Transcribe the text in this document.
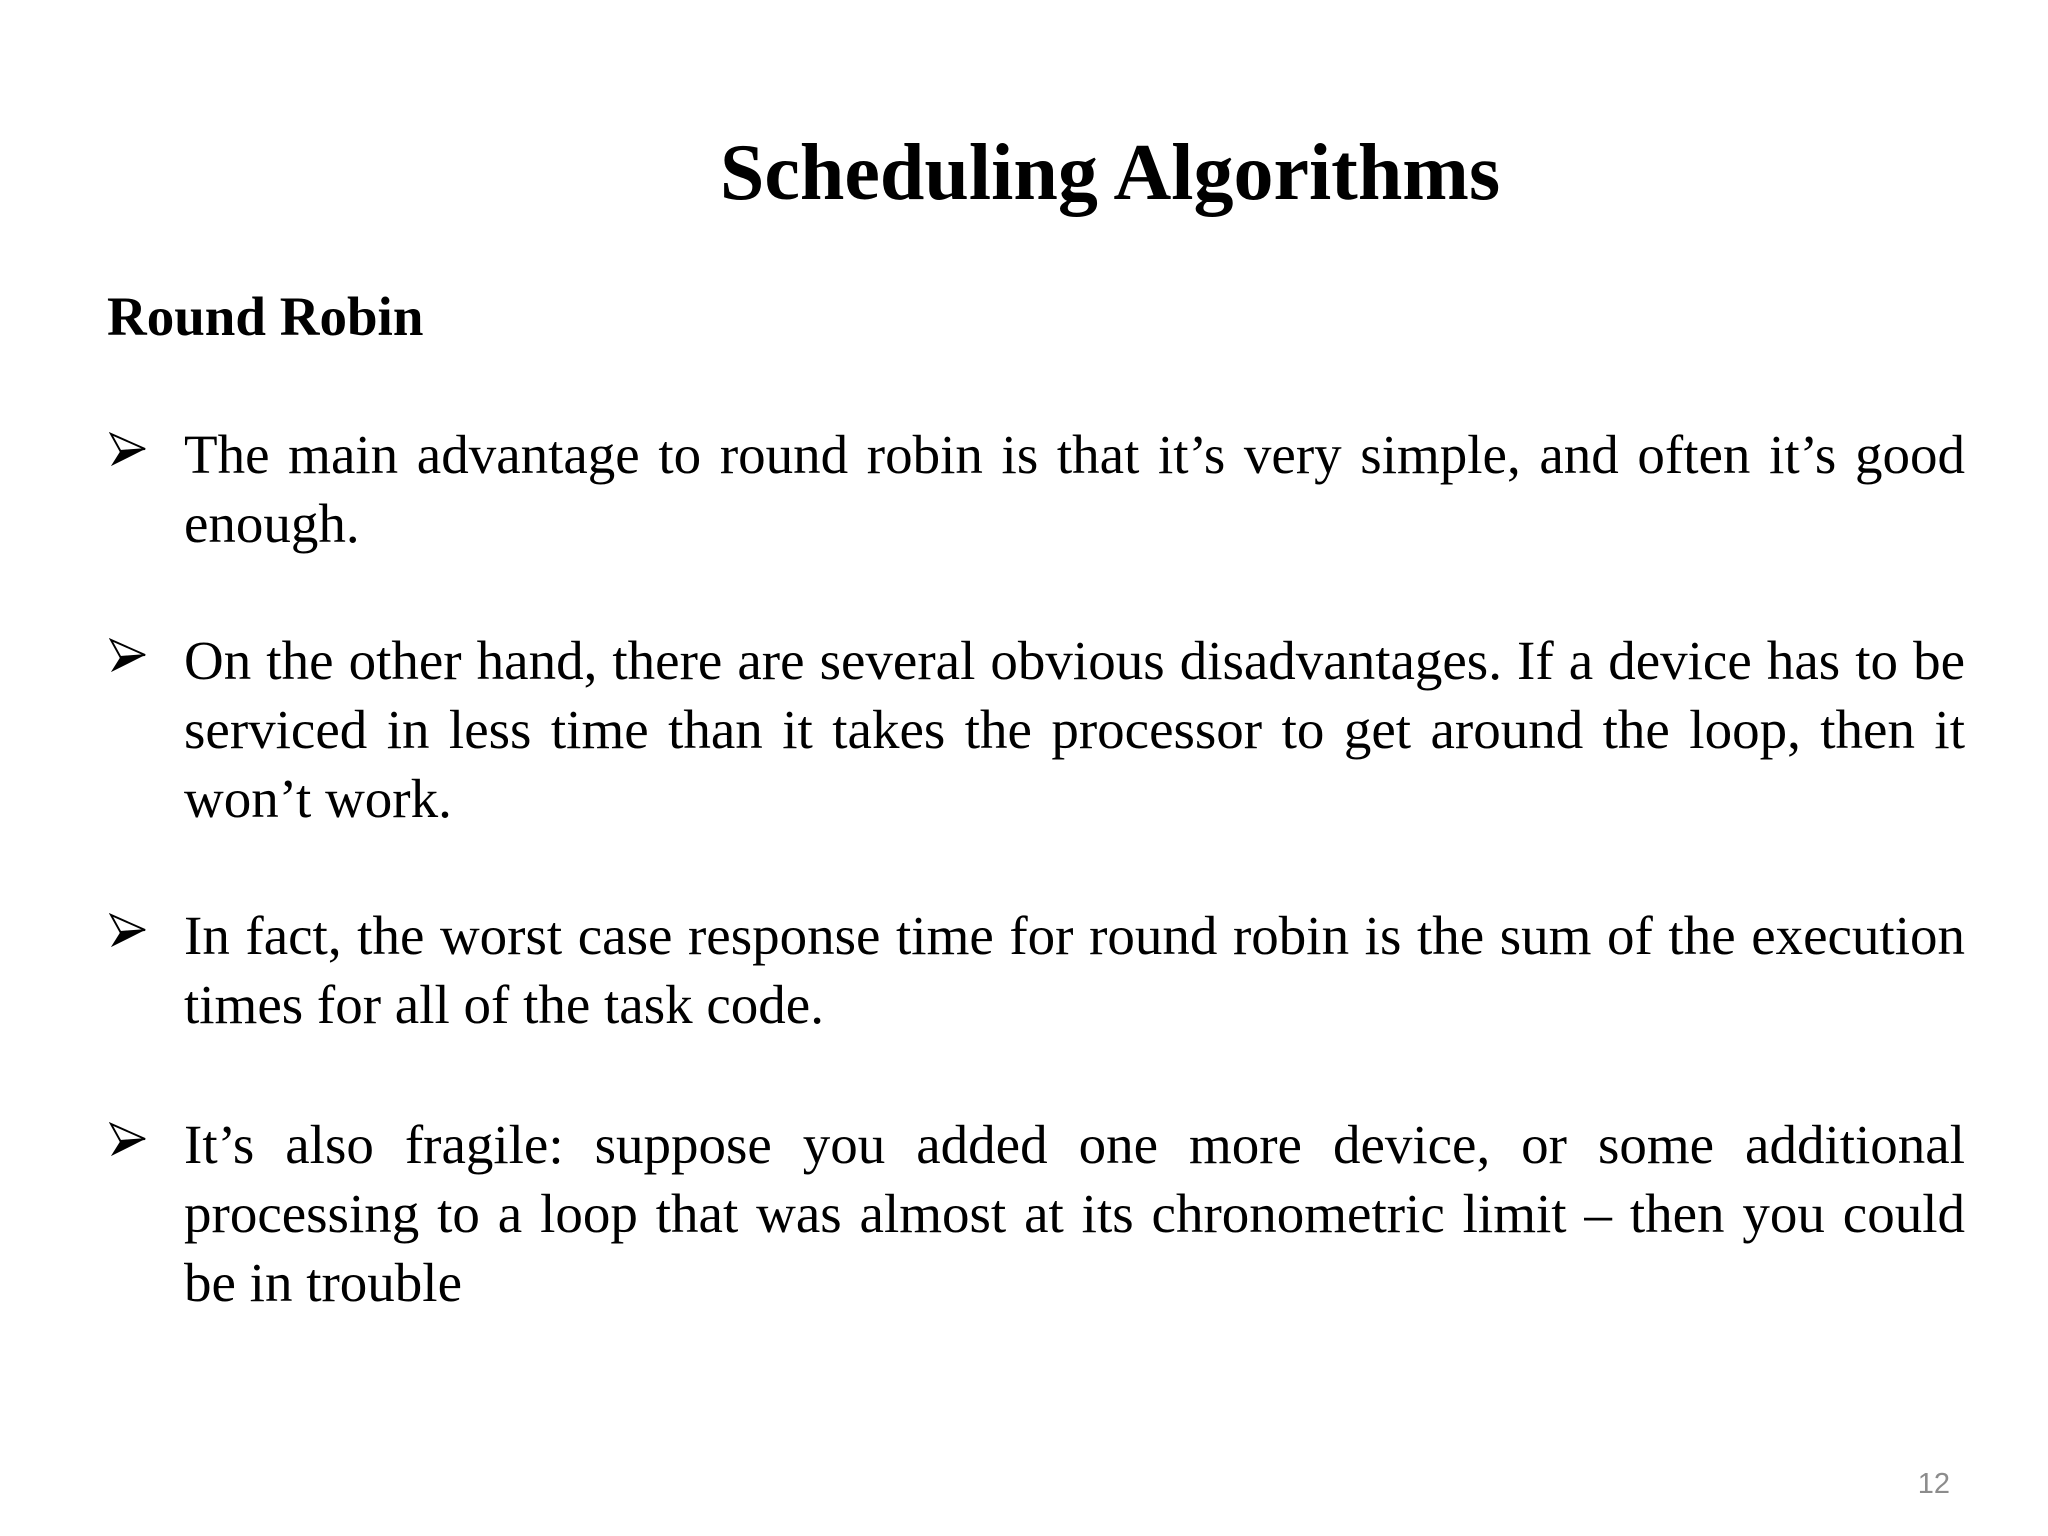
Scheduling Algorithms
Round Robin
The main advantage to round robin is that it’s very simple, and often it’s good enough.
On the other hand, there are several obvious disadvantages. If a device has to be serviced in less time than it takes the processor to get around the loop, then it won’t work.
In fact, the worst case response time for round robin is the sum of the execution times for all of the task code.
It’s also fragile: suppose you added one more device, or some additional processing to a loop that was almost at its chronometric limit – then you could be in trouble

12
